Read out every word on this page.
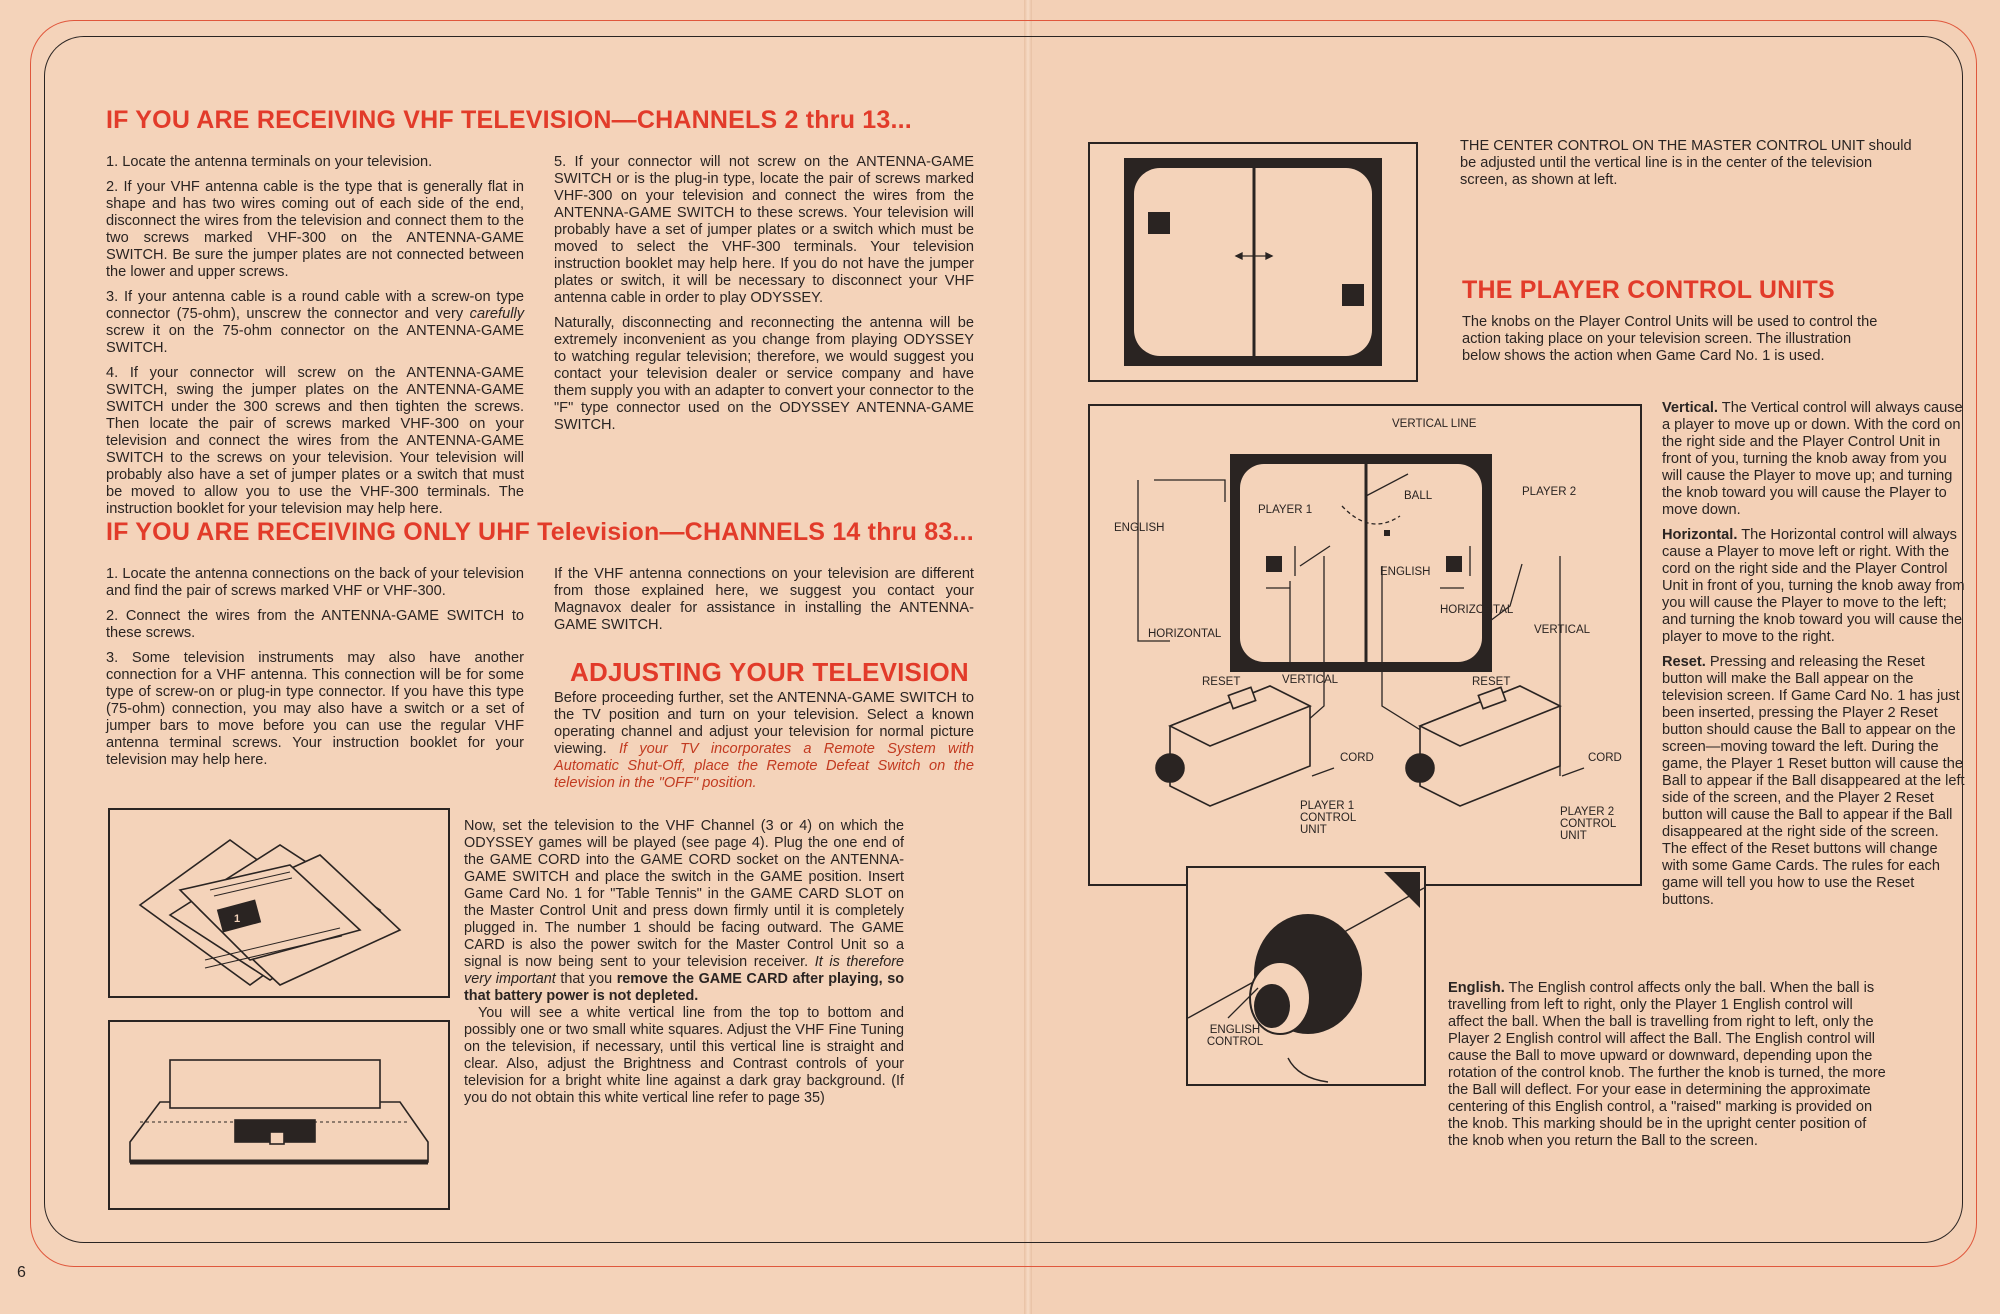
IF YOU ARE RECEIVING VHF TELEVISION—CHANNELS 2 thru 13...

1. Locate the antenna terminals on your television.

2. If your VHF antenna cable is the type that is generally flat in shape and has two wires coming out of each side of the end, disconnect the wires from the television and connect them to the two screws marked VHF-300 on the ANTENNA-GAME SWITCH. Be sure the jumper plates are not connected between the lower and upper screws.

3. If your antenna cable is a round cable with a screw-on type connector (75-ohm), unscrew the connector and very carefully screw it on the 75-ohm connector on the ANTENNA-GAME SWITCH.

4. If your connector will screw on the ANTENNA-GAME SWITCH, swing the jumper plates on the ANTENNA-GAME SWITCH under the 300 screws and then tighten the screws. Then locate the pair of screws marked VHF-300 on your television and connect the wires from the ANTENNA-GAME SWITCH to the screws on your television. Your television will probably also have a set of jumper plates or a switch that must be moved to allow you to use the VHF-300 terminals. The instruction booklet for your television may help here.

5. If your connector will not screw on the ANTENNA-GAME SWITCH or is the plug-in type, locate the pair of screws marked VHF-300 on your television and connect the wires from the ANTENNA-GAME SWITCH to these screws. Your television will probably have a set of jumper plates or a switch which must be moved to select the VHF-300 terminals. Your television instruction booklet may help here. If you do not have the jumper plates or switch, it will be necessary to disconnect your VHF antenna cable in order to play ODYSSEY.

Naturally, disconnecting and reconnecting the antenna will be extremely inconvenient as you change from playing ODYSSEY to watching regular television; therefore, we would suggest you contact your television dealer or service company and have them supply you with an adapter to convert your connector to the "F" type connector used on the ODYSSEY ANTENNA-GAME SWITCH.

IF YOU ARE RECEIVING ONLY UHF Television—CHANNELS 14 thru 83...

1. Locate the antenna connections on the back of your television and find the pair of screws marked VHF or VHF-300.

2. Connect the wires from the ANTENNA-GAME SWITCH to these screws.

3. Some television instruments may also have another connection for a VHF antenna. This connection will be for some type of screw-on or plug-in type connector. If you have this type (75-ohm) connection, you may also have a switch or a set of jumper bars to move before you can use the regular VHF antenna terminal screws. Your instruction booklet for your television may help here.

If the VHF antenna connections on your television are different from those explained here, we suggest you contact your Magnavox dealer for assistance in installing the ANTENNA-GAME SWITCH.

ADJUSTING YOUR TELEVISION

Before proceeding further, set the ANTENNA-GAME SWITCH to the TV position and turn on your television. Select a known operating channel and adjust your television for normal picture viewing. If your TV incorporates a Remote System with Automatic Shut-Off, place the Remote Defeat Switch on the television in the "OFF" position.

Now, set the television to the VHF Channel (3 or 4) on which the ODYSSEY games will be played (see page 4). Plug the one end of the GAME CORD into the GAME CORD socket on the ANTENNA-GAME SWITCH and place the switch in the GAME position. Insert Game Card No. 1 for "Table Tennis" in the GAME CARD SLOT on the Master Control Unit and press down firmly until it is completely plugged in. The number 1 should be facing outward. The GAME CARD is also the power switch for the Master Control Unit so a signal is now being sent to your television receiver. It is therefore very important that you remove the GAME CARD after playing, so that battery power is not depleted.

You will see a white vertical line from the top to bottom and possibly one or two small white squares. Adjust the VHF Fine Tuning on the television, if necessary, until this vertical line is straight and clear. Also, adjust the Brightness and Contrast controls of your television for a bright white line against a dark gray background. (If you do not obtain this white vertical line refer to page 35)

1
6
THE CENTER CONTROL ON THE MASTER CONTROL UNIT should be adjusted until the vertical line is in the center of the television screen, as shown at left.
THE PLAYER CONTROL UNITS
The knobs on the Player Control Units will be used to control the action taking place on your television screen. The illustration below shows the action when Game Card No. 1 is used.
VERTICAL LINE
BALL
PLAYER 1
PLAYER 2
ENGLISH
ENGLISH
HORIZONTAL
HORIZONTAL
VERTICAL
VERTICAL
RESET	RESET
CORD	CORD
PLAYER 1 CONTROL UNIT
PLAYER 2 CONTROL UNIT
ENGLISH CONTROL

Vertical. The Vertical control will always cause a player to move up or down. With the cord on the right side and the Player Control Unit in front of you, turning the knob away from you will cause the Player to move up; and turning the knob toward you will cause the Player to move down.

Horizontal. The Horizontal control will always cause a Player to move left or right. With the cord on the right side and the Player Control Unit in front of you, turning the knob away from you will cause the Player to move to the left; and turning the knob toward you will cause the player to move to the right.

Reset. Pressing and releasing the Reset button will make the Ball appear on the television screen. If Game Card No. 1 has just been inserted, pressing the Player 2 Reset button should cause the Ball to appear on the screen—moving toward the left. During the game, the Player 1 Reset button will cause the Ball to appear if the Ball disappeared at the left side of the screen, and the Player 2 Reset button will cause the Ball to appear if the Ball disappeared at the right side of the screen. The effect of the Reset buttons will change with some Game Cards. The rules for each game will tell you how to use the Reset buttons.

English. The English control affects only the ball. When the ball is travelling from left to right, only the Player 1 English control will affect the ball. When the ball is travelling from right to left, only the Player 2 English control will affect the Ball. The English control will cause the Ball to move upward or downward, depending upon the rotation of the control knob. The further the knob is turned, the more the Ball will deflect. For your ease in determining the approximate centering of this English control, a "raised" marking is provided on the knob. This marking should be in the upright center position of the knob when you return the Ball to the screen.
